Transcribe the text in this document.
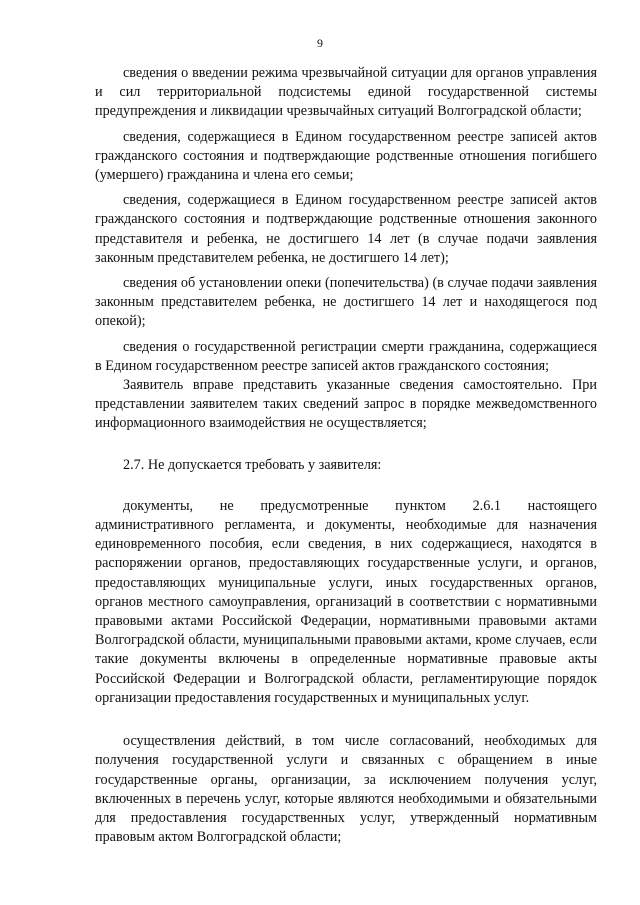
9

сведения о введении режима чрезвычайной ситуации для органов управления и сил территориальной подсистемы единой государственной системы предупреждения и ликвидации чрезвычайных ситуаций Волгоградской области;

сведения, содержащиеся в Едином государственном реестре записей актов гражданского состояния и подтверждающие родственные отношения погибшего (умершего) гражданина и члена его семьи;

сведения, содержащиеся в Едином государственном реестре записей актов гражданского состояния и подтверждающие родственные отношения законного представителя и ребенка, не достигшего 14 лет (в случае подачи заявления законным представителем ребенка, не достигшего 14 лет);

сведения об установлении опеки (попечительства) (в случае подачи заявления законным представителем ребенка, не достигшего 14 лет и находящегося под опекой);

сведения о государственной регистрации смерти гражданина, содержащиеся в Едином государственном реестре записей актов гражданского состояния;

Заявитель вправе представить указанные сведения самостоятельно. При представлении заявителем таких сведений запрос в порядке межведомственного информационного взаимодействия не осуществляется;

2.7. Не допускается требовать у заявителя:

документы, не предусмотренные пунктом 2.6.1 настоящего административного регламента, и документы, необходимые для назначения единовременного пособия, если сведения, в них содержащиеся, находятся в распоряжении органов, предоставляющих государственные услуги, и органов, предоставляющих муниципальные услуги, иных государственных органов, органов местного самоуправления, организаций в соответствии с нормативными правовыми актами Российской Федерации, нормативными правовыми актами Волгоградской области, муниципальными правовыми актами, кроме случаев, если такие документы включены в определенные нормативные правовые акты Российской Федерации и Волгоградской области, регламентирующие порядок организации предоставления государственных и муниципальных услуг.

осуществления действий, в том числе согласований, необходимых для получения государственной услуги и связанных с обращением в иные государственные органы, организации, за исключением получения услуг, включенных в перечень услуг, которые являются необходимыми и обязательными для предоставления государственных услуг, утвержденный нормативным правовым актом Волгоградской области;
